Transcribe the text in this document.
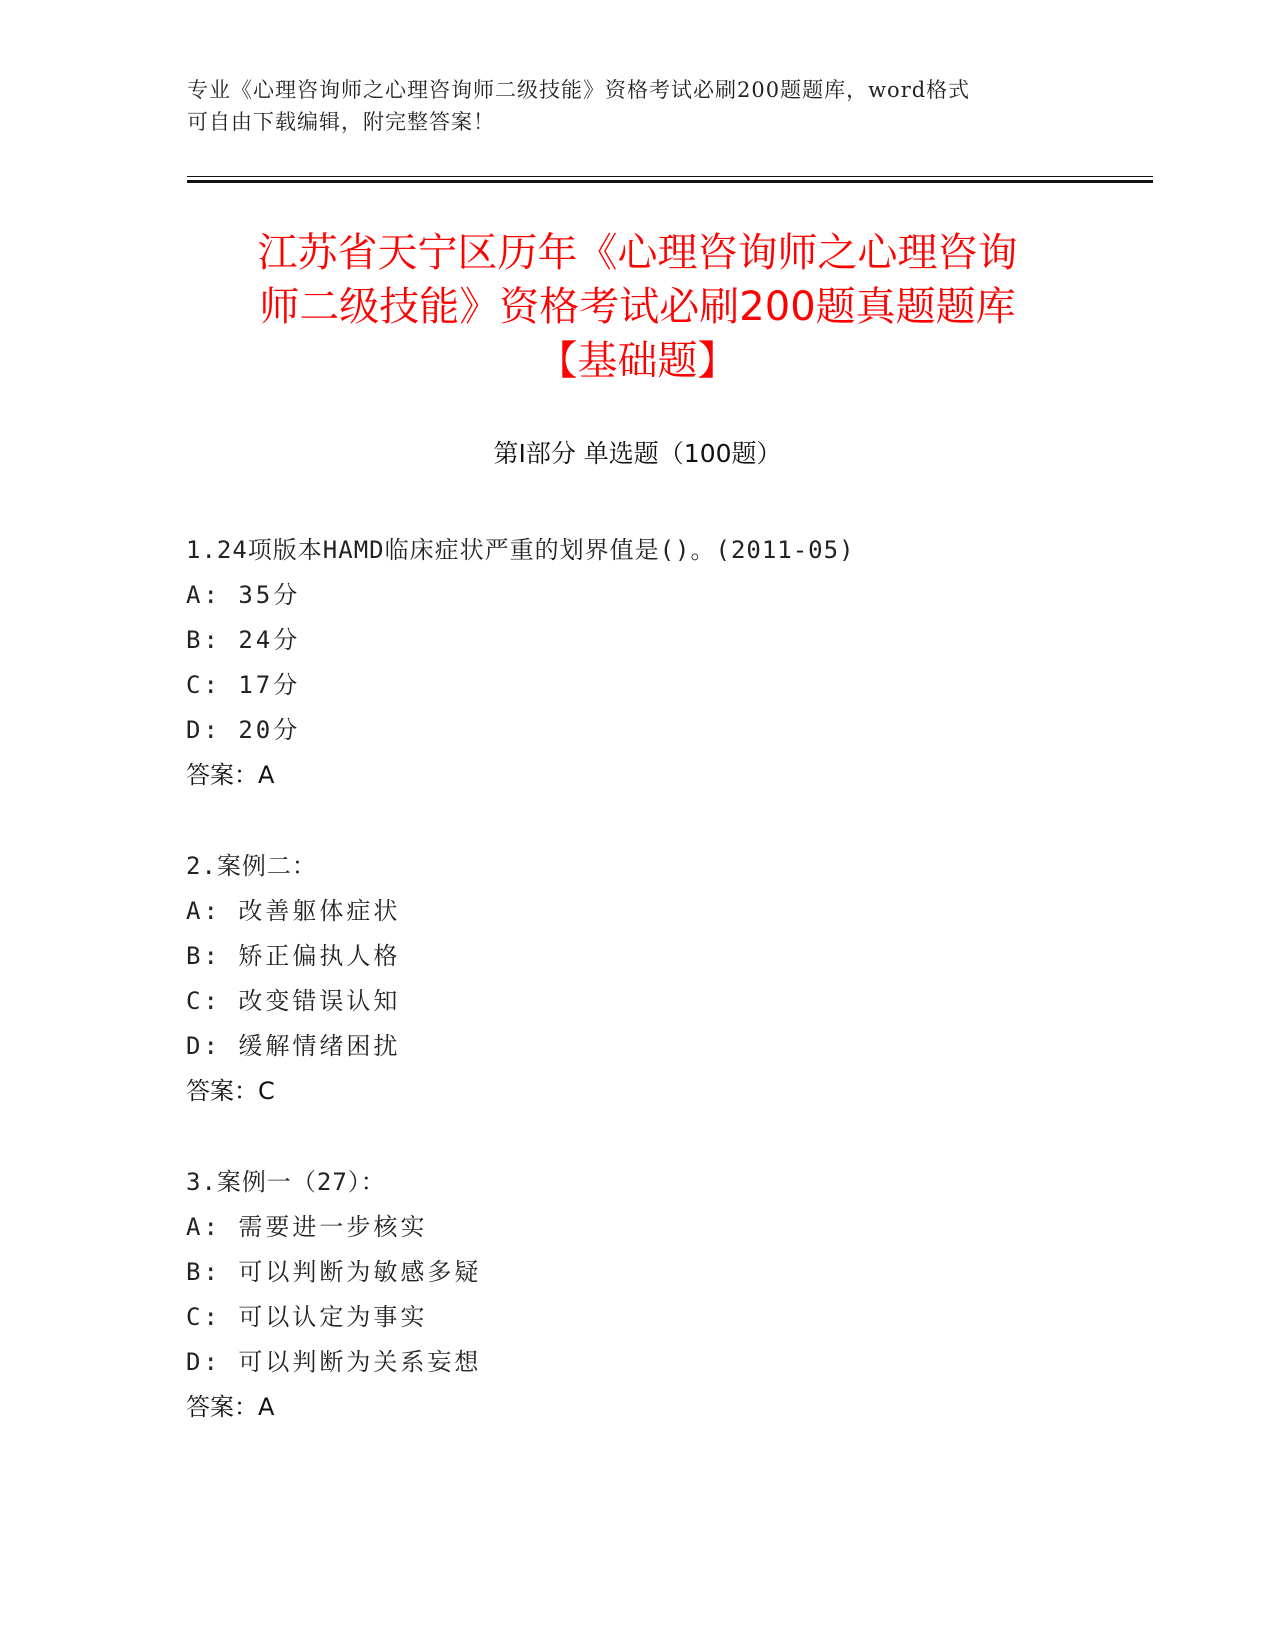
专业《心理咨询师之心理咨询师二级技能》资格考试必刷200题题库，word格式
可自由下载编辑，附完整答案！
江苏省天宁区历年《心理咨询师之心理咨询
师二级技能》资格考试必刷200题真题题库
【基础题】
第Ⅰ部分 单选题（100题）
1.24项版本HAMD临床症状严重的划界值是()。(2011-05)
A: 35分
B: 24分
C: 17分
D: 20分
答案：A
2.案例二：
A: 改善躯体症状
B: 矫正偏执人格
C: 改变错误认知
D: 缓解情绪困扰
答案：C
3.案例一（27）：
A: 需要进一步核实
B: 可以判断为敏感多疑
C: 可以认定为事实
D: 可以判断为关系妄想
答案：A
